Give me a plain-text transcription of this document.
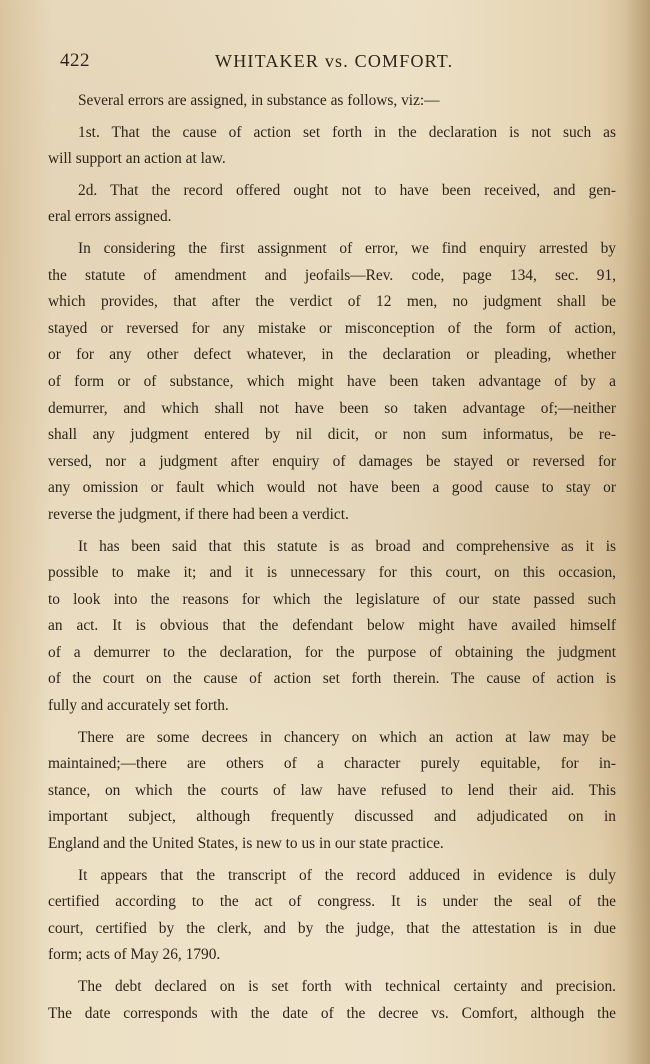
422	WHITAKER vs. COMFORT.
Several errors are assigned, in substance as follows, viz:—
1st. That the cause of action set forth in the declaration is not such as
will support an action at law.
2d. That the record offered ought not to have been received, and gen-
eral errors assigned.
In considering the first assignment of error, we find enquiry arrested by
the statute of amendment and jeofails—Rev. code, page 134, sec. 91,
which provides, that after the verdict of 12 men, no judgment shall be
stayed or reversed for any mistake or misconception of the form of action,
or for any other defect whatever, in the declaration or pleading, whether
of form or of substance, which might have been taken advantage of by a
demurrer, and which shall not have been so taken advantage of;—neither
shall any judgment entered by nil dicit, or non sum informatus, be re-
versed, nor a judgment after enquiry of damages be stayed or reversed for
any omission or fault which would not have been a good cause to stay or
reverse the judgment, if there had been a verdict.
It has been said that this statute is as broad and comprehensive as it is
possible to make it; and it is unnecessary for this court, on this occasion,
to look into the reasons for which the legislature of our state passed such
an act. It is obvious that the defendant below might have availed himself
of a demurrer to the declaration, for the purpose of obtaining the judgment
of the court on the cause of action set forth therein. The cause of action is
fully and accurately set forth.
There are some decrees in chancery on which an action at law may be
maintained;—there are others of a character purely equitable, for in-
stance, on which the courts of law have refused to lend their aid. This
important subject, although frequently discussed and adjudicated on in
England and the United States, is new to us in our state practice.
It appears that the transcript of the record adduced in evidence is duly
certified according to the act of congress. It is under the seal of the
court, certified by the clerk, and by the judge, that the attestation is in due
form; acts of May 26, 1790.
The debt declared on is set forth with technical certainty and precision.
The date corresponds with the date of the decree vs. Comfort, although the
